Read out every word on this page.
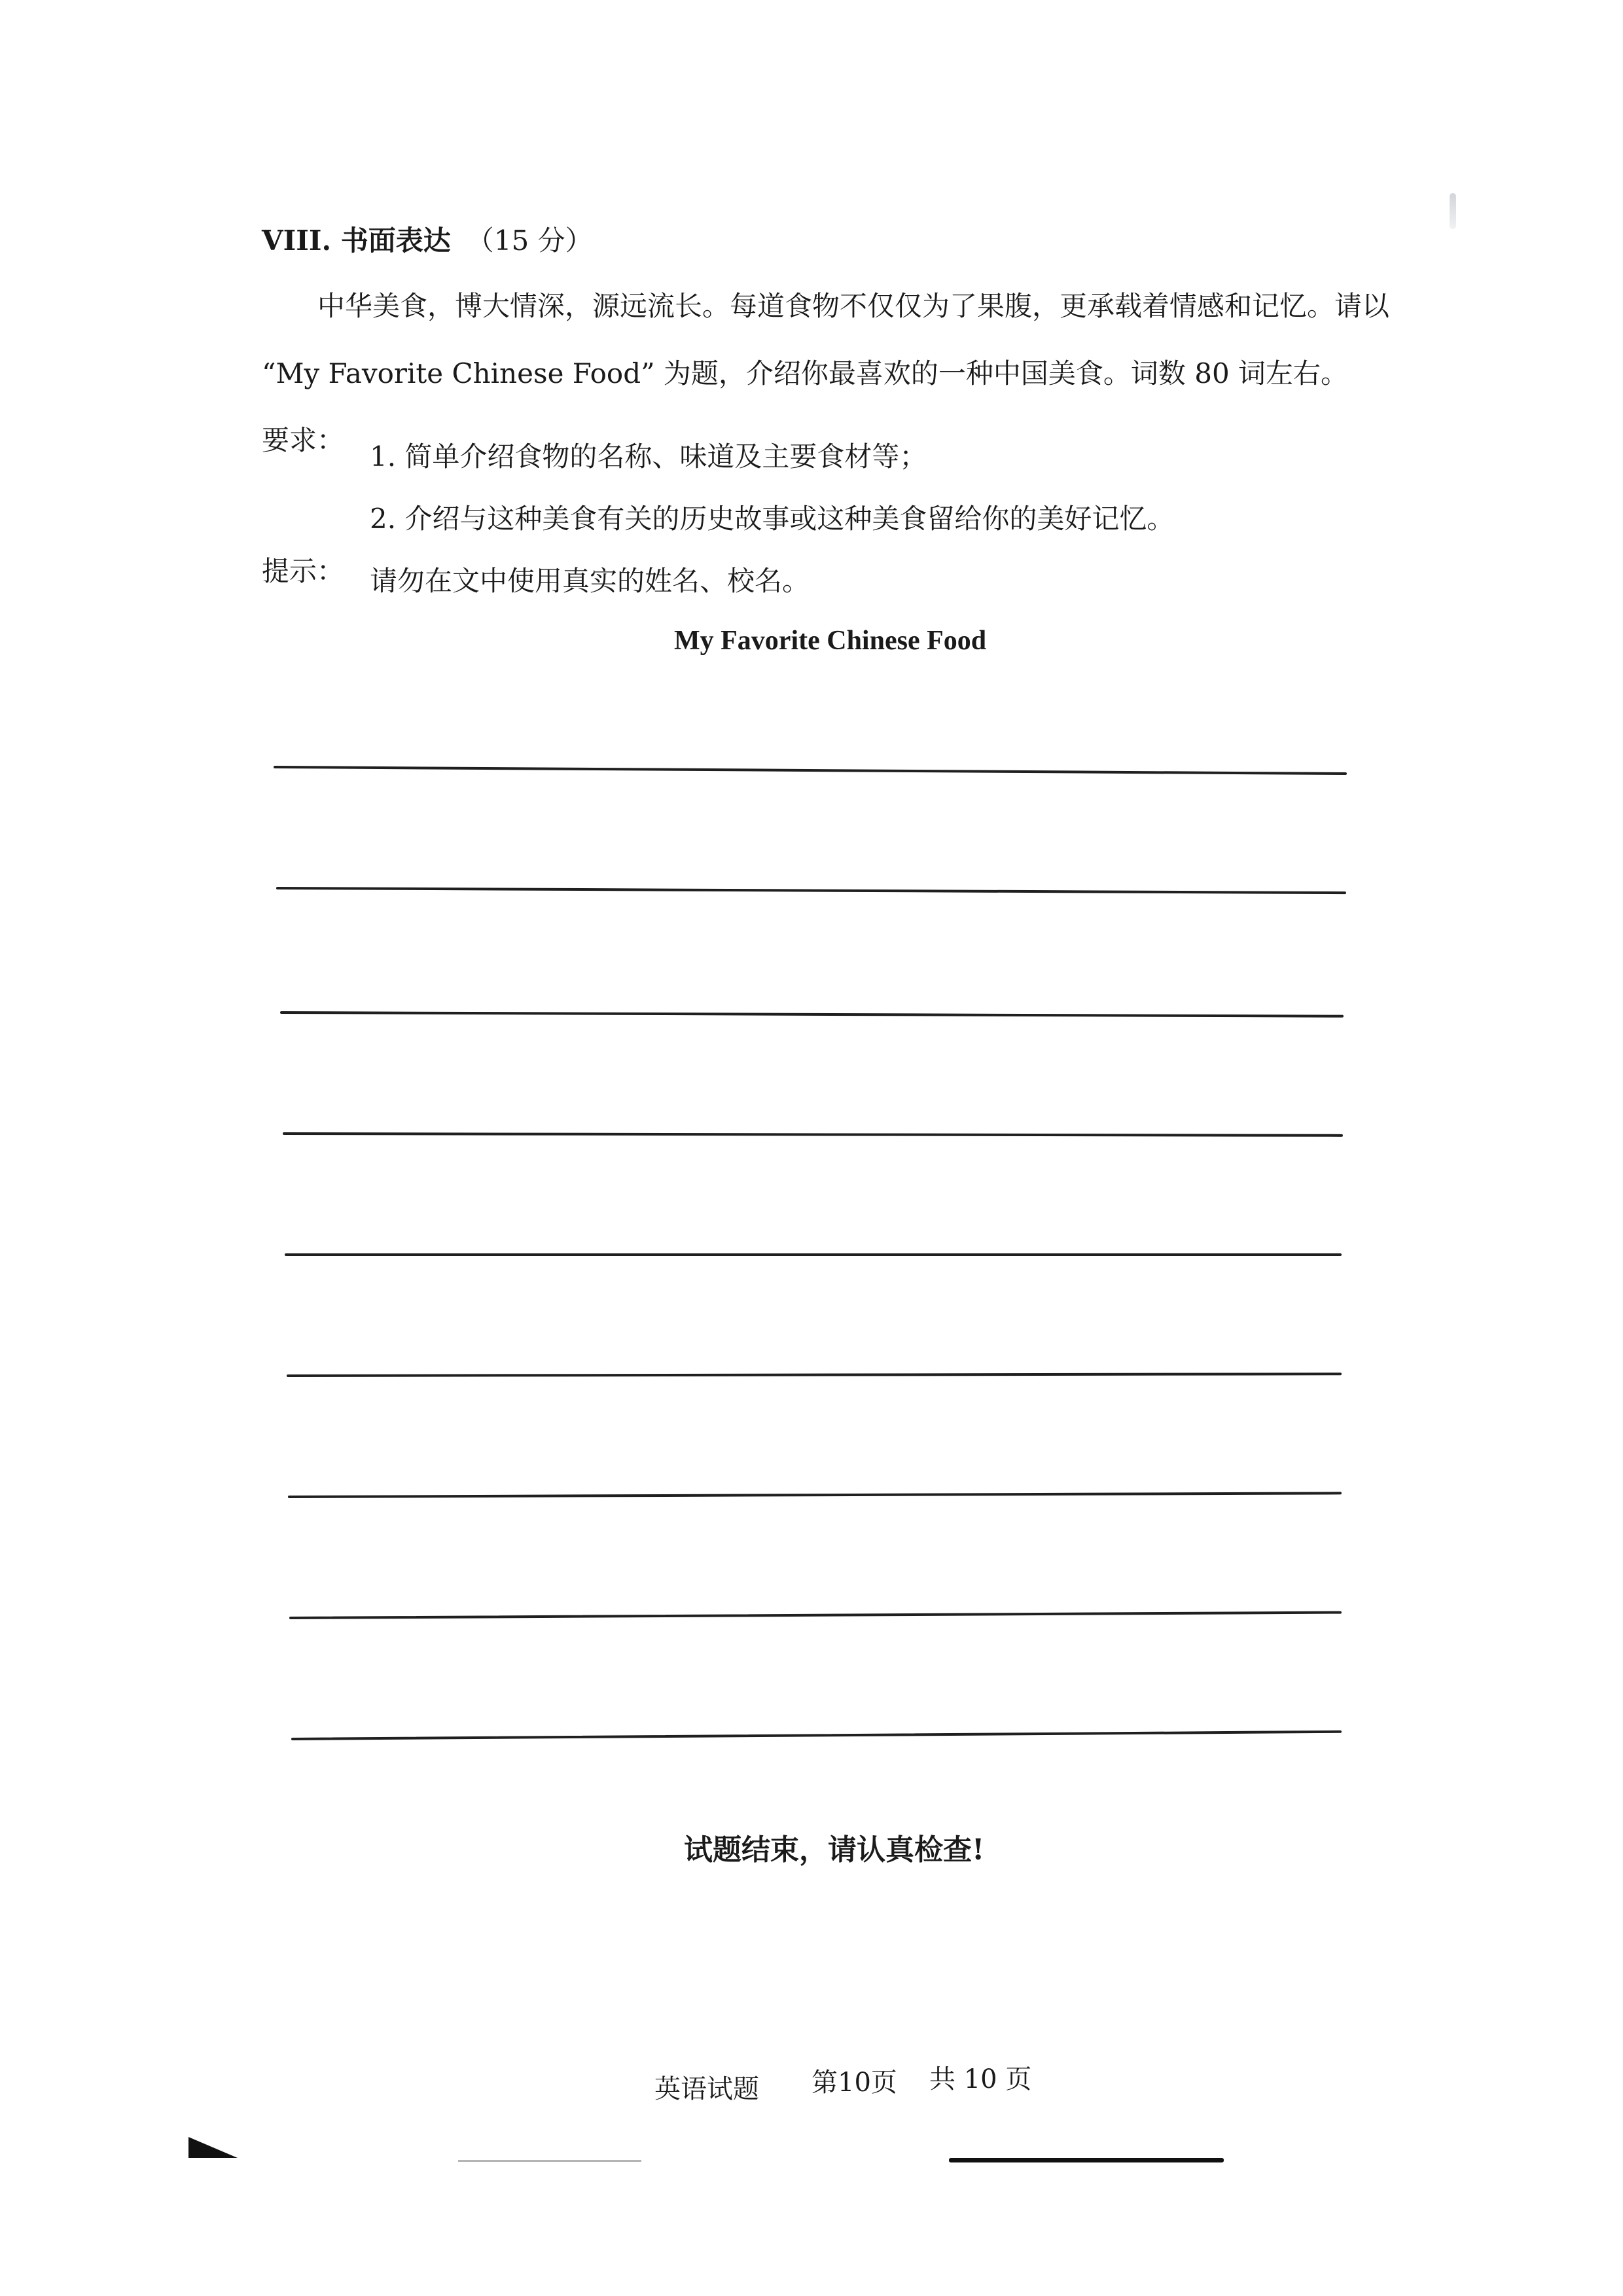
VIII. 书面表达 （15 分）
中华美食，博大情深，源远流长。每道食物不仅仅为了果腹，更承载着情感和记忆。请以
“My Favorite Chinese Food” 为题，介绍你最喜欢的一种中国美食。词数 80 词左右。
要求：
1. 简单介绍食物的名称、味道及主要食材等；
2. 介绍与这种美食有关的历史故事或这种美食留给你的美好记忆。
提示： 请勿在文中使用真实的姓名、校名。
My Favorite Chinese Food
试题结束，请认真检查!
英语试题 第10页 共 10 页
